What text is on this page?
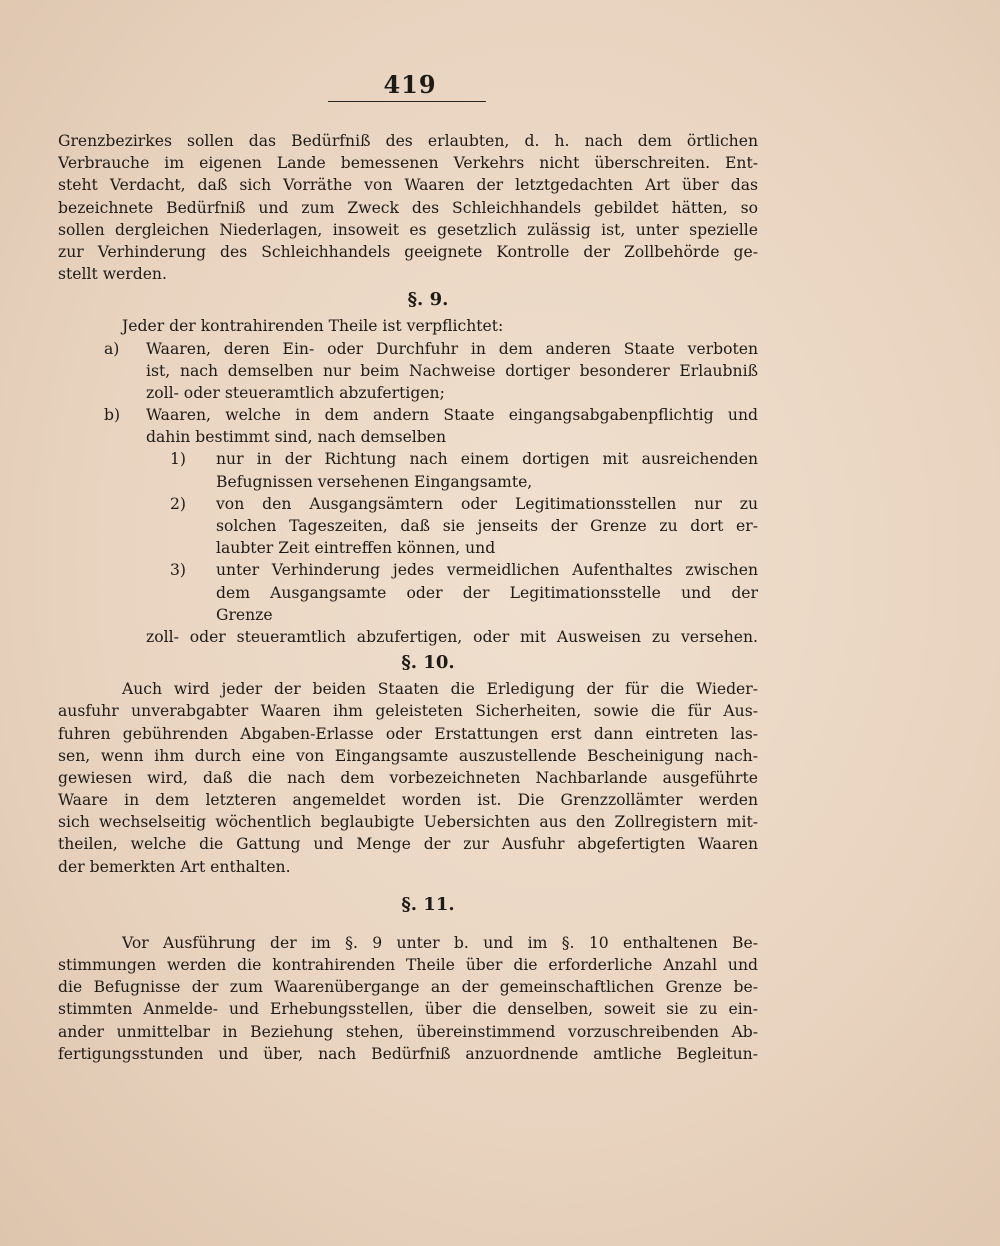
419
Grenzbezirkes sollen das Bedürfniß des erlaubten, d. h. nach dem örtlichen
Verbrauche im eigenen Lande bemessenen Verkehrs nicht überschreiten. Ent-
steht Verdacht, daß sich Vorräthe von Waaren der letztgedachten Art über das
bezeichnete Bedürfniß und zum Zweck des Schleichhandels gebildet hätten, so
sollen dergleichen Niederlagen, insoweit es gesetzlich zulässig ist, unter spezielle
zur Verhinderung des Schleichhandels geeignete Kontrolle der Zollbehörde ge-
stellt werden.
§. 9.
Jeder der kontrahirenden Theile ist verpflichtet:
a) Waaren, deren Ein- oder Durchfuhr in dem anderen Staate verboten
ist, nach demselben nur beim Nachweise dortiger besonderer Erlaubniß
zoll- oder steueramtlich abzufertigen;
b) Waaren, welche in dem andern Staate eingangsabgabenpflichtig und
dahin bestimmt sind, nach demselben
1) nur in der Richtung nach einem dortigen mit ausreichenden
Befugnissen versehenen Eingangsamte,
2) von den Ausgangsämtern oder Legitimationsstellen nur zu
solchen Tageszeiten, daß sie jenseits der Grenze zu dort er-
laubter Zeit eintreffen können, und
3) unter Verhinderung jedes vermeidlichen Aufenthaltes zwischen
dem Ausgangsamte oder der Legitimationsstelle und der
Grenze
zoll- oder steueramtlich abzufertigen, oder mit Ausweisen zu versehen.
§. 10.
Auch wird jeder der beiden Staaten die Erledigung der für die Wieder-
ausfuhr unverabgabter Waaren ihm geleisteten Sicherheiten, sowie die für Aus-
fuhren gebührenden Abgaben-Erlasse oder Erstattungen erst dann eintreten las-
sen, wenn ihm durch eine von Eingangsamte auszustellende Bescheinigung nach-
gewiesen wird, daß die nach dem vorbezeichneten Nachbarlande ausgeführte
Waare in dem letzteren angemeldet worden ist. Die Grenzzollämter werden
sich wechselseitig wöchentlich beglaubigte Uebersichten aus den Zollregistern mit-
theilen, welche die Gattung und Menge der zur Ausfuhr abgefertigten Waaren
der bemerkten Art enthalten.
§. 11.
Vor Ausführung der im §. 9 unter b. und im §. 10 enthaltenen Be-
stimmungen werden die kontrahirenden Theile über die erforderliche Anzahl und
die Befugnisse der zum Waarenübergange an der gemeinschaftlichen Grenze be-
stimmten Anmelde- und Erhebungsstellen, über die denselben, soweit sie zu ein-
ander unmittelbar in Beziehung stehen, übereinstimmend vorzuschreibenden Ab-
fertigungsstunden und über, nach Bedürfniß anzuordnende amtliche Begleitun-
